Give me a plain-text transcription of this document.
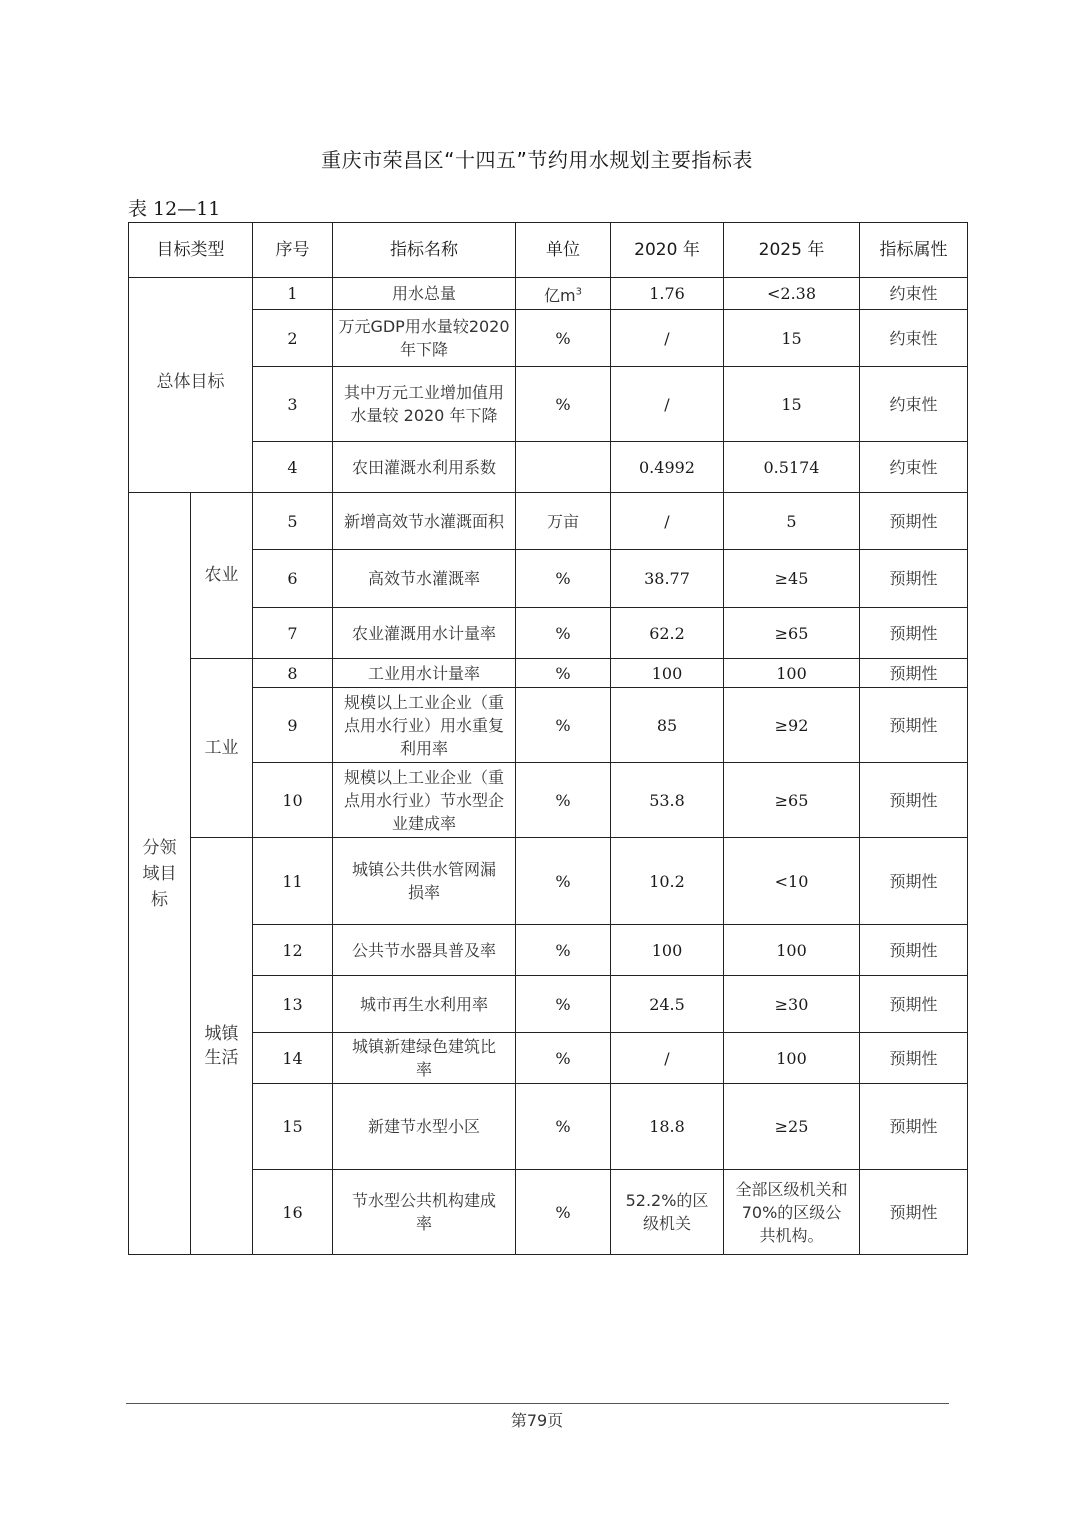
重庆市荣昌区“十四五”节约用水规划主要指标表
表 12—11
目标类型		序号	指标名称	单位	2020 年	2025 年	指标属性
总体目标		1	用水总量	亿$m^3$	1.76	<2.38	约束性
		2	万元GDP用水量较2020 年下降	%	/	15	约束性
		3	其中万元工业增加值用水量较 2020 年下降	%	/	15	约束性
		4	农田灌溉水利用系数		0.4992	0.5174	约束性
分领域目标	农业	5	新增高效节水灌溉面积	万亩	/	5	预期性
		6	高效节水灌溉率	%	38.77	≥45	预期性
		7	农业灌溉用水计量率	%	62.2	≥65	预期性
	工业	8	工业用水计量率	%	100	100	预期性
		9	规模以上工业企业（重点用水行业）用水重复利用率	%	85	≥92	预期性
		10	规模以上工业企业（重点用水行业）节水型企业建成率	%	53.8	≥65	预期性
	城镇生活	11	城镇公共供水管网漏损率	%	10.2	<10	预期性
		12	公共节水器具普及率	%	100	100	预期性
		13	城市再生水利用率	%	24.5	≥30	预期性
		14	城镇新建绿色建筑比率	%	/	100	预期性
		15	新建节水型小区	%	18.8	≥25	预期性
		16	节水型公共机构建成率	%	52.2%的区级机关	全部区级机关和 70%的区级公共机构。	预期性
第79页
